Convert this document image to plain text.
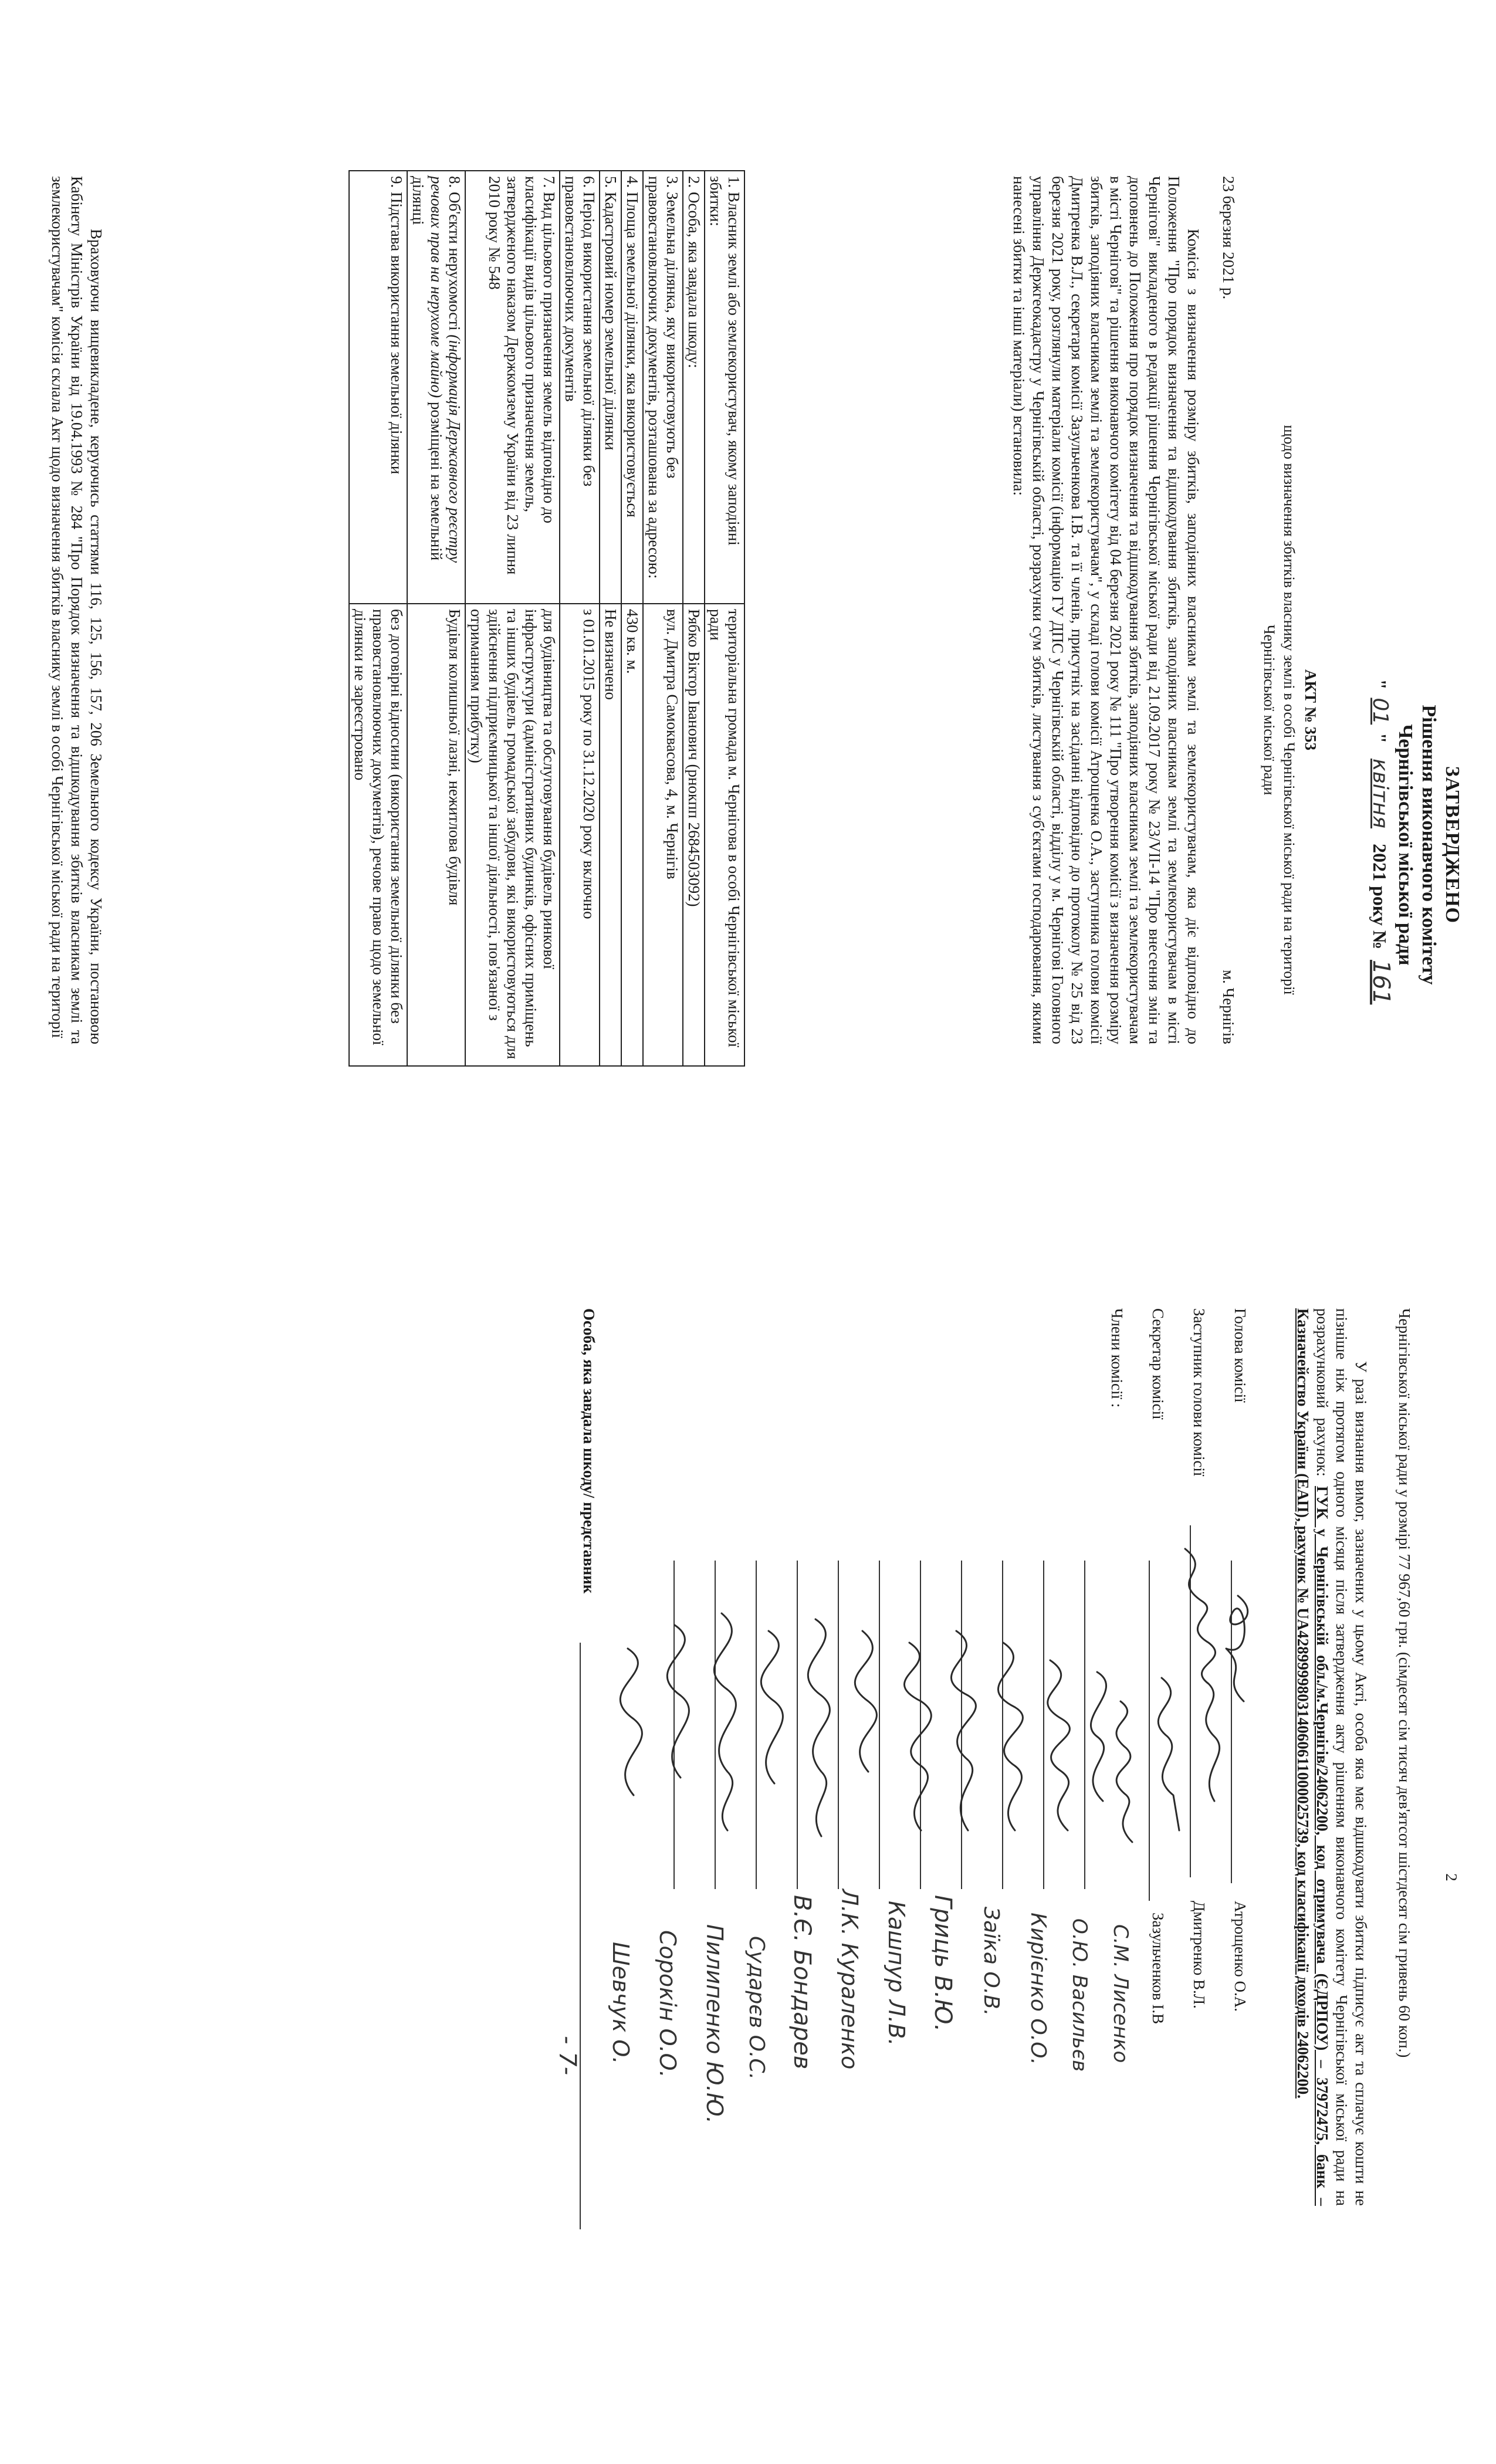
ЗАТВЕРДЖЕНО
Рішення виконавчого комітету
Чернігівської міської ради
"01" квітня 2021 року № 161
АКТ № 353
щодо визначення збитків власнику землі в особі Чернігівської міської ради на території
Чернігівської міської ради
23 березня 2021 р.
м. Чернігів
Комісія з визначення розміру збитків, заподіяних власникам землі та землекористувачам, яка діє відповідно до Положення "Про порядок визначення та відшкодування збитків, заподіяних власникам землі та землекористувачам в місті Чернігові" викладеного в редакції рішення Чернігівської міської ради від 21.09.2017 року № 23/VII-14 "Про внесення змін та доповнень до Положення про порядок визначення та відшкодування збитків, заподіяних власникам землі та землекористувачам в місті Чернігові" та рішення виконавчого комітету від 04 березня 2021 року № 111 "Про утворення комісії з визначення розміру збитків, заподіяних власникам землі та землекористувачам", у складі голови комісії Атрощенка О.А., заступника голови комісії Дмитренка В.Л., секретаря комісії Зазульченкова І.В. та її членів, присутніх на засіданні відповідно до протоколу № 25 від 23 березня 2021 року, розглянули матеріали комісії (інформацію ГУ ДПС у Чернігівській області, відділу у м. Чернігові Головного управління Держгеокадастру у Чернігівській області, розрахунки сум збитків, листування з суб'єктами господарювання, якими нанесені збитки та інші матеріали) встановила:
1. Власник землі або землекористувач, якому заподіяні збитки:	територіальна громада м. Чернігова в особі Чернігівської міської ради
2. Особа, яка завдала шкоду:	Рябко Віктор Іванович (рнокпп 2684503092)
3. Земельна ділянка, яку використовують без правовстановлюючих документів, розташована за адресою:	вул. Дмитра Самоквасова, 4, м. Чернігів
4. Площа земельної ділянки, яка використовується	430 кв. м.
5. Кадастровий номер земельної ділянки	Не визначено
6. Період використання земельної ділянки без правовстановлюючих документів	з 01.01.2015 року по 31.12.2020 року включно
7. Вид цільового призначення земель відповідно до класифікації видів цільового призначення земель, затвердженого наказом Держкомзему України від 23 липня 2010 року № 548	для будівництва та обслуговування будівель ринкової інфраструктури (адміністративних будинків, офісних приміщень та інших будівель громадської забудови, які використовуються для здійснення підприємницької та іншої діяльності, пов'язаної з отриманням прибутку)
8. Об'єкти нерухомості (інформація Державного реєстру речових прав на нерухоме майно) розміщені на земельній ділянці	Будівля колишньої лазні, нежитлова будівля
9. Підстава використання земельної ділянки	без договірні відносини (використання земельної ділянки без правовстановлюючих документів), речове право щодо земельної ділянки не зареєстровано
Враховуючи вищевикладене, керуючись статтями 116, 125, 156, 157, 206 Земельного кодексу України, постановою Кабінету Міністрів України від 19.04.1993 № 284 "Про Порядок визначення та відшкодування збитків власникам землі та землекористувачам" комісія склала Акт щодо визначення збитків власнику землі в особі Чернігівської міської ради на території
2
Чернігівської міської ради у розмірі 77 967,60 грн. (сімдесят сім тисяч дев'ятсот шістдесят сім гривень 60 коп.)
У разі визнання вимог, зазначених у цьому Акті, особа яка має відшкодувати збитки підписує акт та сплачує кошти не пізніше ніж протягом одного місяця після затвердження акту рішенням виконавчого комітету Чернігівської міської ради на розрахунковий рахунок: ГУК у Чернігівській обл./м.Чернігів/24062200, код отримувача (ЄДРПОУ) – 37972475, банк – Казначейство України (ЕАП), рахунок № UA428999980314060611000025739, код класифікації доходів 24062200.
Голова комісії
Атрощенко О.А.
Заступник голови комісії
Дмитренко В.Л.
Секретар комісії
Зазульченков І.В
Члени комісії :
С.М. Лисенко
О.Ю. Васильєв
Кирієнко О.О.
Заїка О.В.
Гриць В.Ю.
Кашпур Л.В.
Л.К. Кураленко
В.Є. Бондарев
Сударєв О.С.
Пилипенко Ю.Ю.
Сорокін О.О.
Шевчук О.
Особа, яка завдала шкоду/ представник
- 7-
